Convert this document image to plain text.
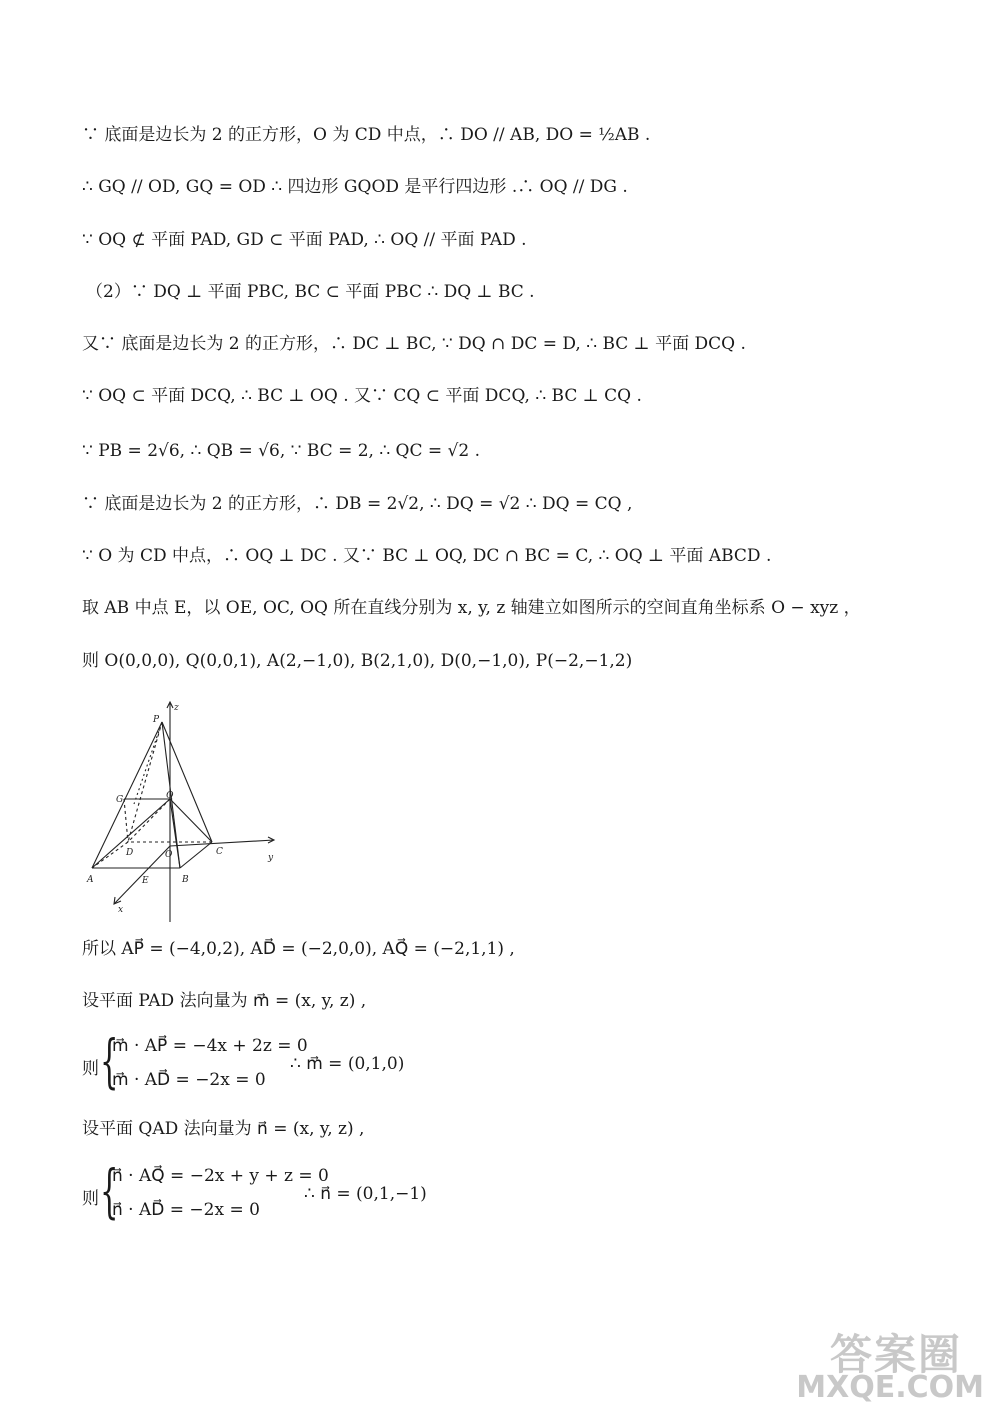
∵ 底面是边长为 2 的正方形，O 为 CD 中点，∴ DO // AB, DO = ½AB .
∴ GQ // OD, GQ = OD ∴ 四边形 GQOD 是平行四边形 .∴ OQ // DG .
∵ OQ ⊄ 平面 PAD, GD ⊂ 平面 PAD, ∴ OQ // 平面 PAD .
（2）∵ DQ ⊥ 平面 PBC, BC ⊂ 平面 PBC ∴ DQ ⊥ BC .
又∵ 底面是边长为 2 的正方形，∴ DC ⊥ BC, ∵ DQ ∩ DC = D, ∴ BC ⊥ 平面 DCQ .
∵ OQ ⊂ 平面 DCQ, ∴ BC ⊥ OQ . 又∵ CQ ⊂ 平面 DCQ, ∴ BC ⊥ CQ .
∵ PB = 2√6, ∴ QB = √6, ∵ BC = 2, ∴ QC = √2 .
∵ 底面是边长为 2 的正方形，∴ DB = 2√2, ∴ DQ = √2 ∴ DQ = CQ ,
∵ O 为 CD 中点，∴ OQ ⊥ DC . 又∵ BC ⊥ OQ, DC ∩ BC = C, ∴ OQ ⊥ 平面 ABCD .
取 AB 中点 E，以 OE, OC, OQ 所在直线分别为 x, y, z 轴建立如图所示的空间直角坐标系 O − xyz ，
则 O(0,0,0), Q(0,0,1), A(2,−1,0), B(2,1,0), D(0,−1,0), P(−2,−1,2)
P
Q
G
D	O	C
A	E	B
x
y
z
所以 AP⃗ = (−4,0,2), AD⃗ = (−2,0,0), AQ⃗ = (−2,1,1) ,
设平面 PAD 法向量为 m⃗ = (x, y, z) ,
则 {
m⃗ · AP⃗ = −4x + 2z = 0
m⃗ · AD⃗ = −2x = 0
∴ m⃗ = (0,1,0)
设平面 QAD 法向量为 n⃗ = (x, y, z) ,
则 {
n⃗ · AQ⃗ = −2x + y + z = 0
n⃗ · AD⃗ = −2x = 0
∴ n⃗ = (0,1,−1)
答案圈
MXQE.COM
